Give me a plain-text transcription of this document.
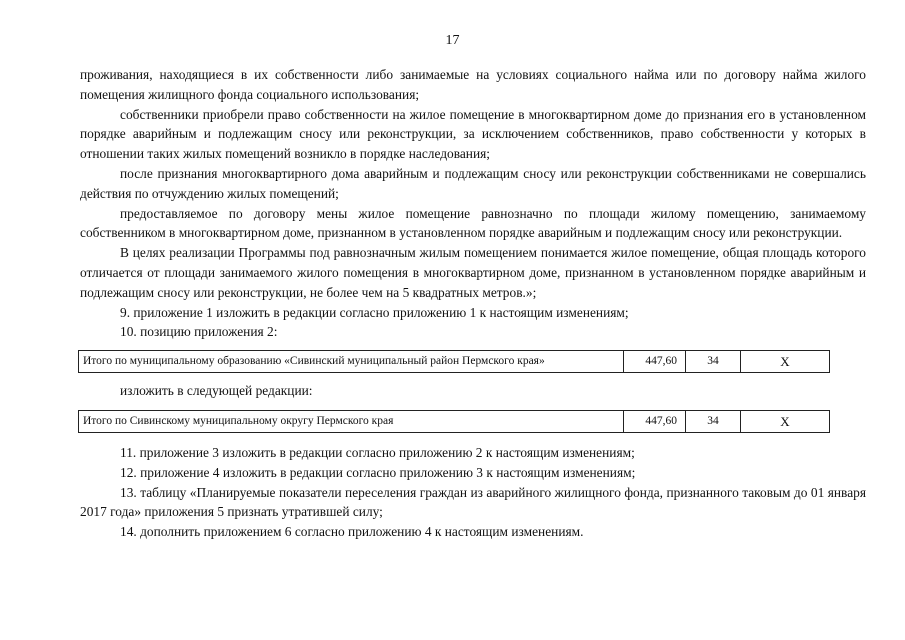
17

проживания, находящиеся в их собственности либо занимаемые на условиях социального найма или по договору найма жилого помещения жилищного фонда социального использования;

собственники приобрели право собственности на жилое помещение в многоквартирном доме до признания его в установленном порядке аварийным и подлежащим сносу или реконструкции, за исключением собственников, право собственности у которых в отношении таких жилых помещений возникло в порядке наследования;

после признания многоквартирного дома аварийным и подлежащим сносу или реконструкции собственниками не совершались действия по отчуждению жилых помещений;

предоставляемое по договору мены жилое помещение равнозначно по площади жилому помещению, занимаемому собственником в многоквартирном доме, признанном в установленном порядке аварийным и подлежащим сносу или реконструкции.

В целях реализации Программы под равнозначным жилым помещением понимается жилое помещение, общая площадь которого отличается от площади занимаемого жилого помещения в многоквартирном доме, признанном в установленном порядке аварийным и подлежащим сносу или реконструкции, не более чем на 5 квадратных метров.»;

9. приложение 1 изложить в редакции согласно приложению 1 к настоящим изменениям;

10. позицию приложения 2:

Итого по муниципальному образованию «Сивинский муниципальный район Пермского края»	447,60	34	Х

изложить в следующей редакции:

Итого по Сивинскому муниципальному округу Пермского края	447,60	34	Х

11. приложение 3 изложить в редакции согласно приложению 2 к настоящим изменениям;

12. приложение 4 изложить в редакции согласно приложению 3 к настоящим изменениям;

13. таблицу «Планируемые показатели переселения граждан из аварийного жилищного фонда, признанного таковым до 01 января 2017 года» приложения 5 признать утратившей силу;

14. дополнить приложением 6 согласно приложению 4 к настоящим изменениям.
